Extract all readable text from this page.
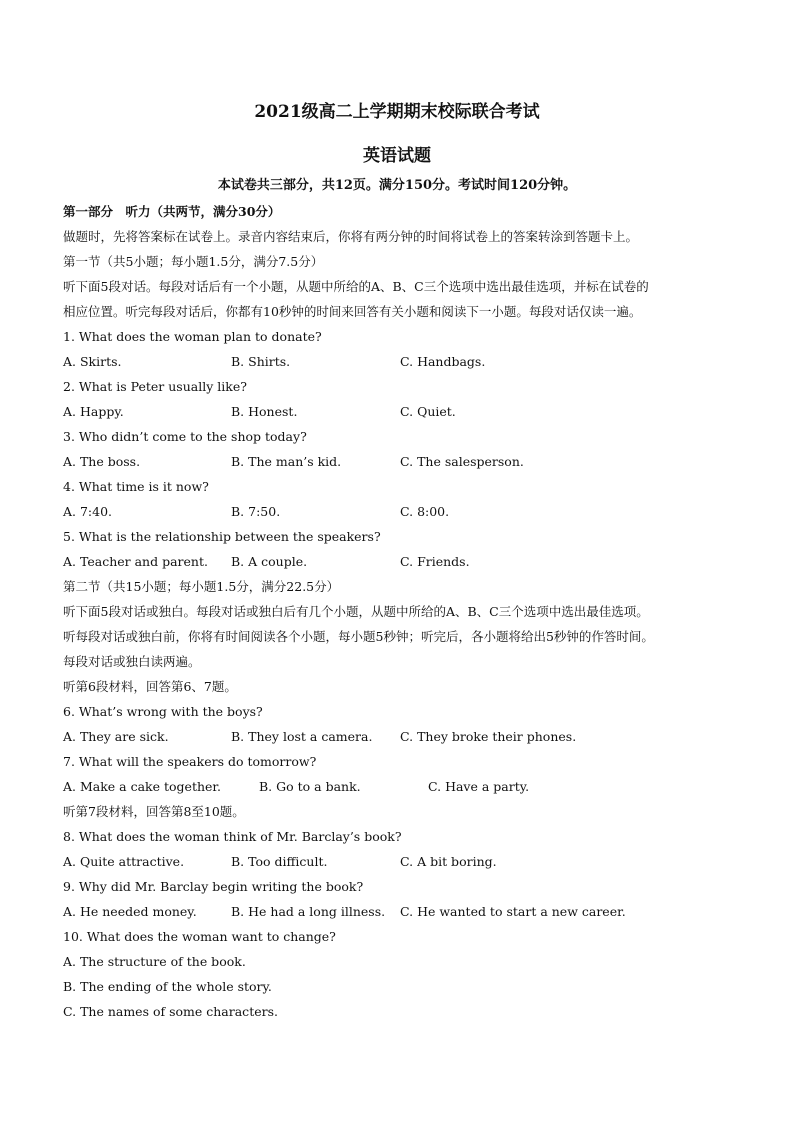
2021级高二上学期期末校际联合考试
英语试题
本试卷共三部分，共12页。满分150分。考试时间120分钟。
第一部分　听力（共两节，满分30分）
做题时，先将答案标在试卷上。录音内容结束后，你将有两分钟的时间将试卷上的答案转涂到答题卡上。
第一节（共5小题；每小题1.5分，满分7.5分）
听下面5段对话。每段对话后有一个小题，从题中所给的A、B、C三个选项中选出最佳选项，并标在试卷的
相应位置。听完每段对话后，你都有10秒钟的时间来回答有关小题和阅读下一小题。每段对话仅读一遍。
1. What does the woman plan to donate?
A. Skirts.	B. Shirts.	C. Handbags.
2. What is Peter usually like?
A. Happy.	B. Honest.	C. Quiet.
3. Who didn’t come to the shop today?
A. The boss.	B. The man’s kid.	C. The salesperson.
4. What time is it now?
A. 7:40.	B. 7:50.	C. 8:00.
5. What is the relationship between the speakers?
A. Teacher and parent. B. A couple.	C. Friends.
第二节（共15小题；每小题1.5分，满分22.5分）
听下面5段对话或独白。每段对话或独白后有几个小题，从题中所给的A、B、C三个选项中选出最佳选项。
听每段对话或独白前，你将有时间阅读各个小题，每小题5秒钟；听完后，各小题将给出5秒钟的作答时间。
每段对话或独白读两遍。
听第6段材料，回答第6、7题。
6. What’s wrong with the boys?
A. They are sick.	B. They lost a camera. C. They broke their phones.
7. What will the speakers do tomorrow?
A. Make a cake together.	B. Go to a bank.	C. Have a party.
听第7段材料，回答第8至10题。
8. What does the woman think of Mr. Barclay’s book?
A. Quite attractive.	B. Too difficult.	C. A bit boring.
9. Why did Mr. Barclay begin writing the book?
A. He needed money.	B. He had a long illness. C. He wanted to start a new career.
10. What does the woman want to change?
A. The structure of the book.
B. The ending of the whole story.
C. The names of some characters.
